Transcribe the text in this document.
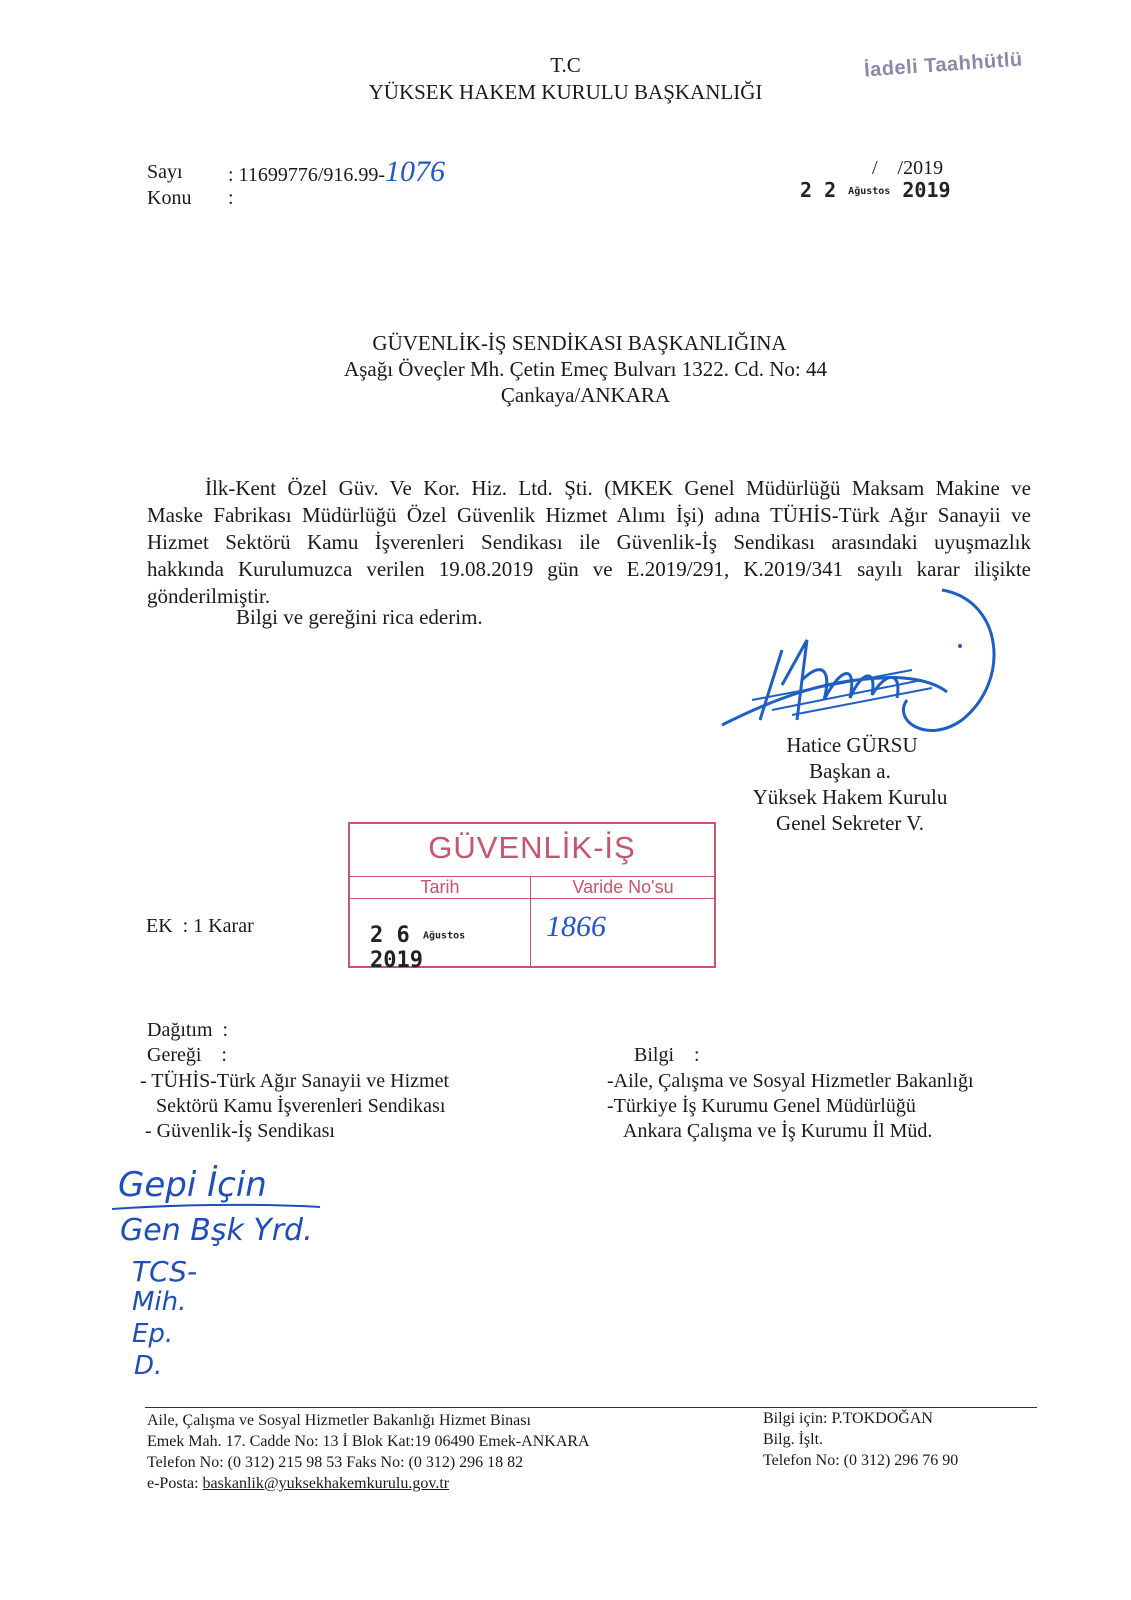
T.C
YÜKSEK HAKEM KURULU BAŞKANLIĞI
İadeli Taahhütlü
Sayı	: 11699776/916.99-1076
Konu	:
/    /2019
2 2 Ağustos 2019
GÜVENLİK-İŞ SENDİKASI BAŞKANLIĞINA
Aşağı Öveçler Mh. Çetin Emeç Bulvarı 1322. Cd. No: 44
Çankaya/ANKARA
İlk-Kent Özel Güv. Ve Kor. Hiz. Ltd. Şti. (MKEK Genel Müdürlüğü Maksam Makine ve
Maske Fabrikası Müdürlüğü Özel Güvenlik Hizmet Alımı İşi) adına TÜHİS-Türk Ağır Sanayii ve
Hizmet Sektörü Kamu İşverenleri Sendikası ile Güvenlik-İş Sendikası arasındaki uyuşmazlık
hakkında Kurulumuzca verilen 19.08.2019 gün ve E.2019/291, K.2019/341 sayılı karar ilişikte
gönderilmiştir.
Bilgi ve gereğini rica ederim.
Hatice GÜRSU
Başkan a.
Yüksek Hakem Kurulu
Genel Sekreter V.
GÜVENLİK-İŞ
Tarih	Varide No'su
2 6 Ağustos 2019
1866
EK  : 1 Karar
Dağıtım  :
Gereği    :
- TÜHİS-Türk Ağır Sanayii ve Hizmet
Sektörü Kamu İşverenleri Sendikası
- Güvenlik-İş Sendikası
Bilgi    :
-Aile, Çalışma ve Sosyal Hizmetler Bakanlığı
-Türkiye İş Kurumu Genel Müdürlüğü
Ankara Çalışma ve İş Kurumu İl Müd.
Gepi İçin
Gen Bşk Yrd.
TCS-
Mih.
Ep.
D.
Aile, Çalışma ve Sosyal Hizmetler Bakanlığı Hizmet Binası
Emek Mah. 17. Cadde No: 13 İ Blok Kat:19 06490 Emek-ANKARA
Telefon No: (0 312) 215 98 53 Faks No: (0 312) 296 18 82
e-Posta: baskanlik@yuksekhakemkurulu.gov.tr
Bilgi için: P.TOKDOĞAN
Bilg. İşlt.
Telefon No: (0 312) 296 76 90
